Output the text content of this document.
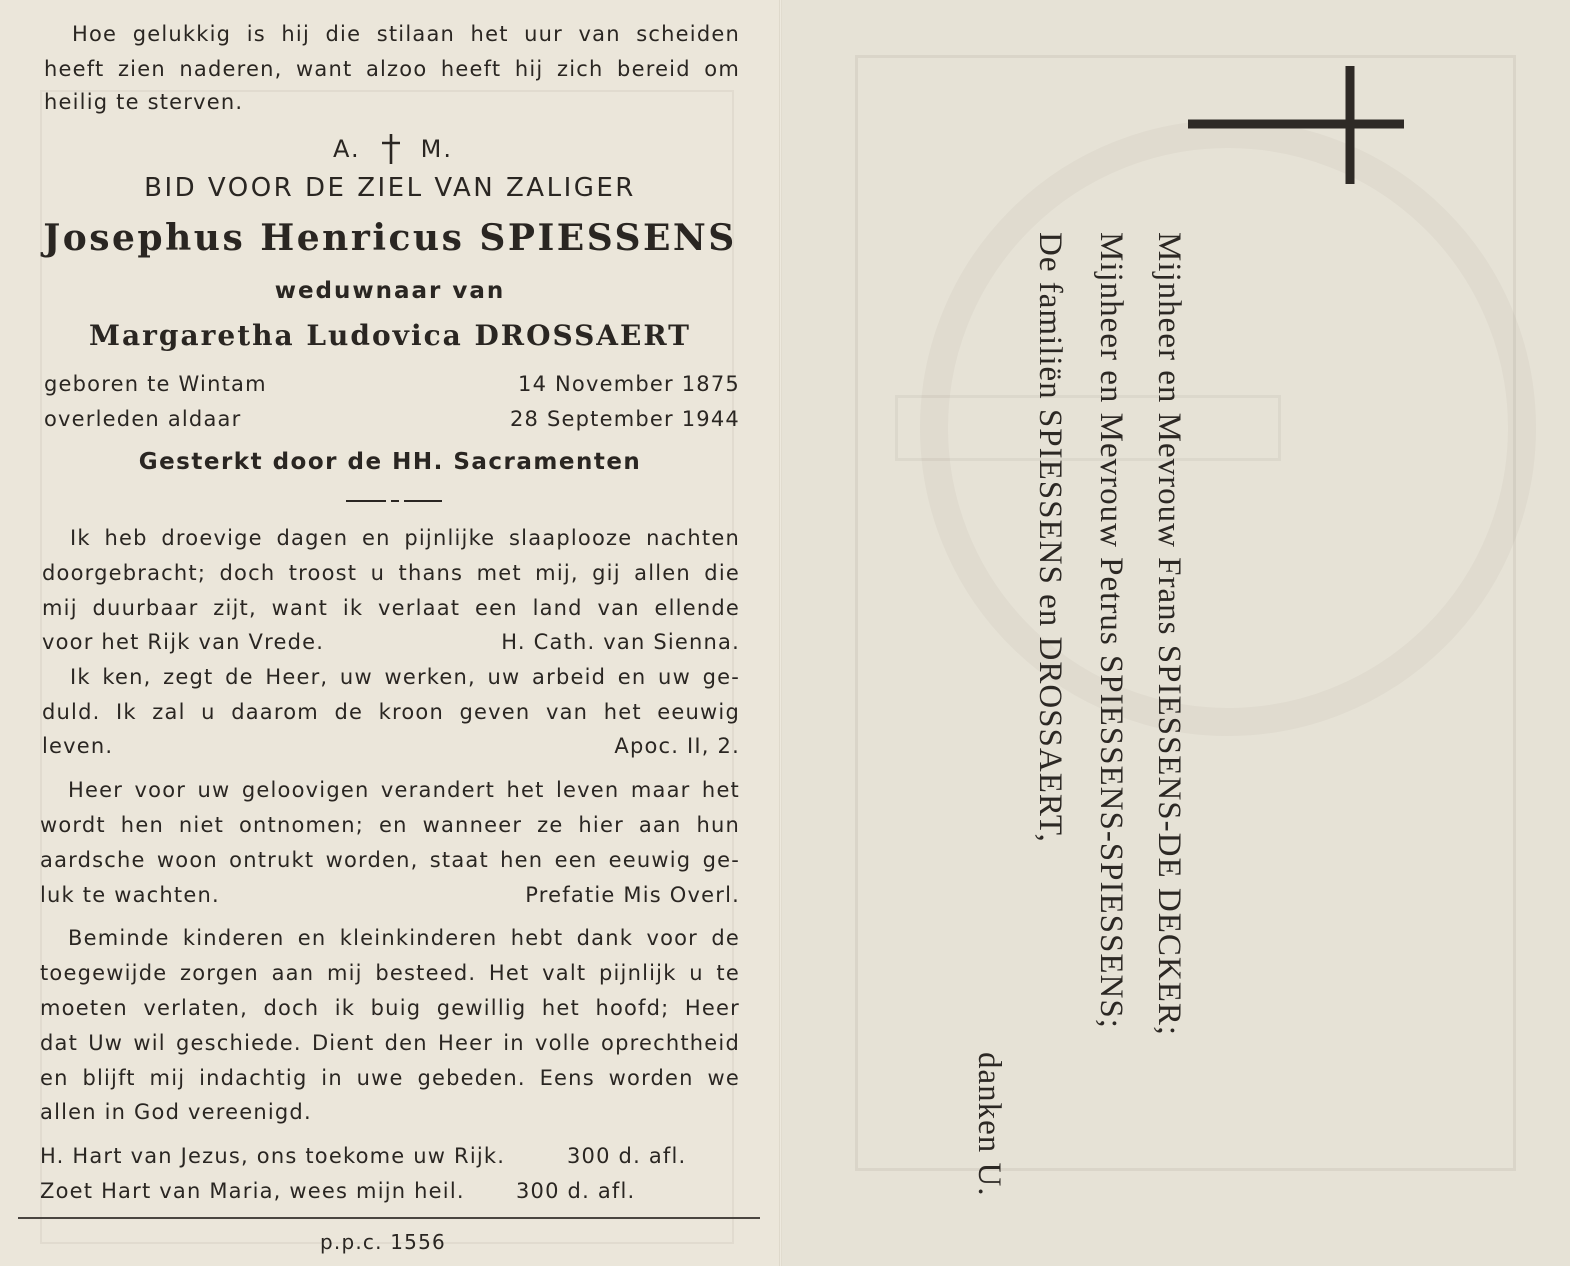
Hoe gelukkig is hij die stilaan het uur van scheiden
heeft zien naderen, want alzoo heeft hij zich bereid om
heilig te sterven.
A.	M.
BID VOOR DE ZIEL VAN ZALIGER
Josephus Henricus SPIESSENS
weduwnaar van
Margaretha Ludovica DROSSAERT
geboren te Wintam	14 November 1875
overleden aldaar	28 September 1944
Gesterkt door de HH. Sacramenten
Ik heb droevige dagen en pijnlijke slaaplooze nachten
doorgebracht; doch troost u thans met mij, gij allen die
mij duurbaar zijt, want ik verlaat een land van ellende
voor het Rijk van Vrede.	H. Cath. van Sienna.
Ik ken, zegt de Heer, uw werken, uw arbeid en uw ge-
duld. Ik zal u daarom de kroon geven van het eeuwig
leven.	Apoc. II, 2.
Heer voor uw geloovigen verandert het leven maar het
wordt hen niet ontnomen; en wanneer ze hier aan hun
aardsche woon ontrukt worden, staat hen een eeuwig ge-
luk te wachten.	Prefatie Mis Overl.
Beminde kinderen en kleinkinderen hebt dank voor de
toegewijde zorgen aan mij besteed. Het valt pijnlijk u te
moeten verlaten, doch ik buig gewillig het hoofd; Heer
dat Uw wil geschiede. Dient den Heer in volle oprechtheid
en blijft mij indachtig in uwe gebeden. Eens worden we
allen in God vereenigd.
H. Hart van Jezus, ons toekome uw Rijk.	300 d. afl.
Zoet Hart van Maria, wees mijn heil. 300 d. afl.
p.p.c. 1556
Mijnheer en Mevrouw Frans SPIESSENS-DE DECKER;
Mijnheer en Mevrouw Petrus SPIESSENS-SPIESSENS;
De familiën SPIESSENS en DROSSAERT,
danken U.
